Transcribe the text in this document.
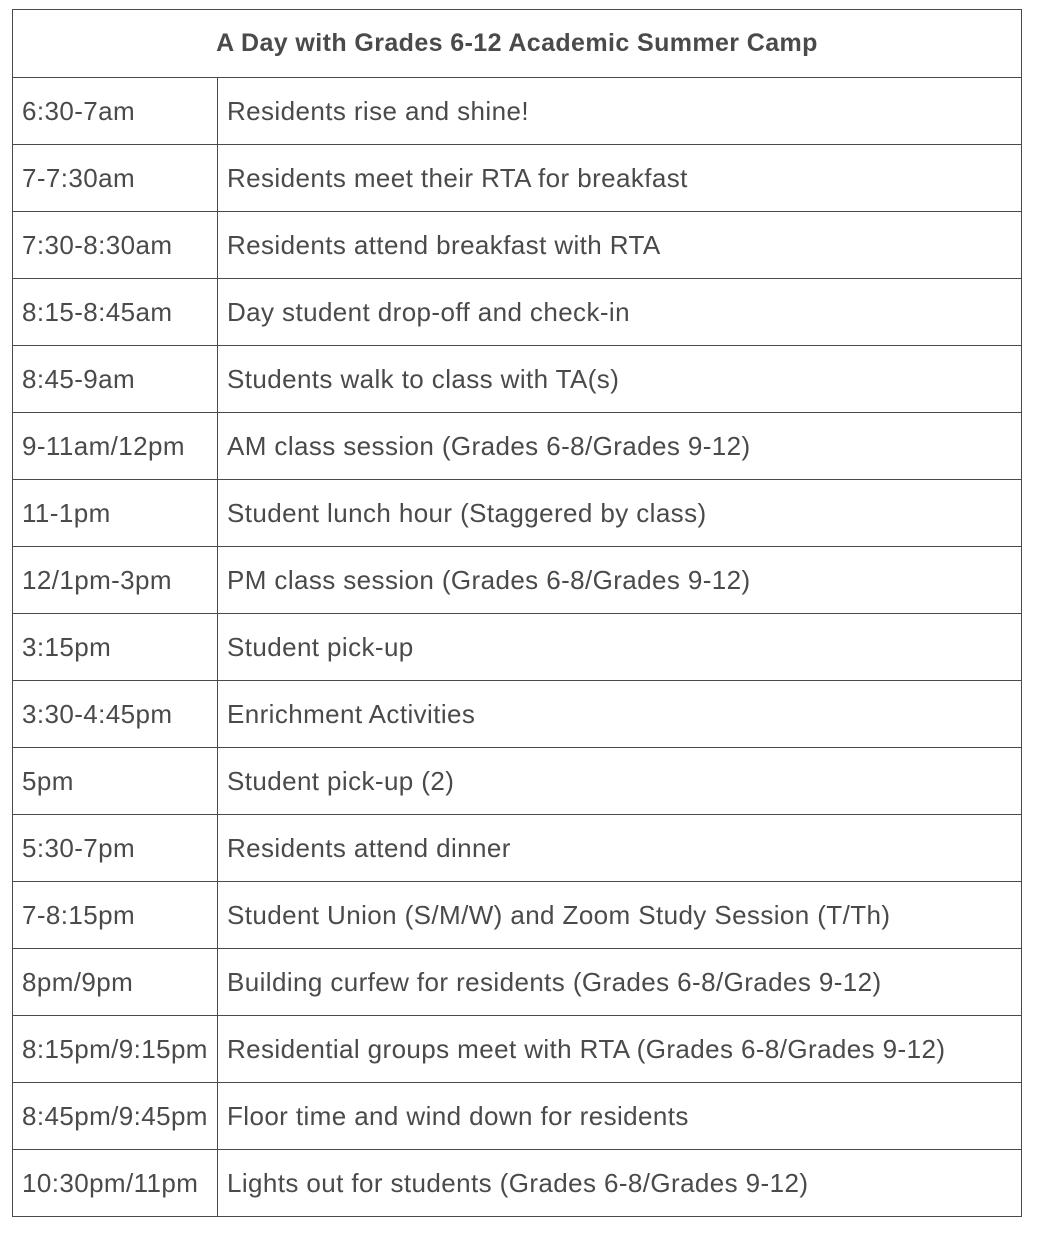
A Day with Grades 6-12 Academic Summer Camp	
6:30-7am	Residents rise and shine!
7-7:30am	Residents meet their RTA for breakfast
7:30-8:30am	Residents attend breakfast with RTA
8:15-8:45am	Day student drop-off and check-in
8:45-9am	Students walk to class with TA(s)
9-11am/12pm	AM class session (Grades 6-8/Grades 9-12)
11-1pm	Student lunch hour (Staggered by class)
12/1pm-3pm	PM class session (Grades 6-8/Grades 9-12)
3:15pm	Student pick-up
3:30-4:45pm	Enrichment Activities
5pm	Student pick-up (2)
5:30-7pm	Residents attend dinner
7-8:15pm	Student Union (S/M/W) and Zoom Study Session (T/Th)
8pm/9pm	Building curfew for residents (Grades 6-8/Grades 9-12)
8:15pm/9:15pm	Residential groups meet with RTA (Grades 6-8/Grades 9-12)
8:45pm/9:45pm	Floor time and wind down for residents
10:30pm/11pm	Lights out for students (Grades 6-8/Grades 9-12)
